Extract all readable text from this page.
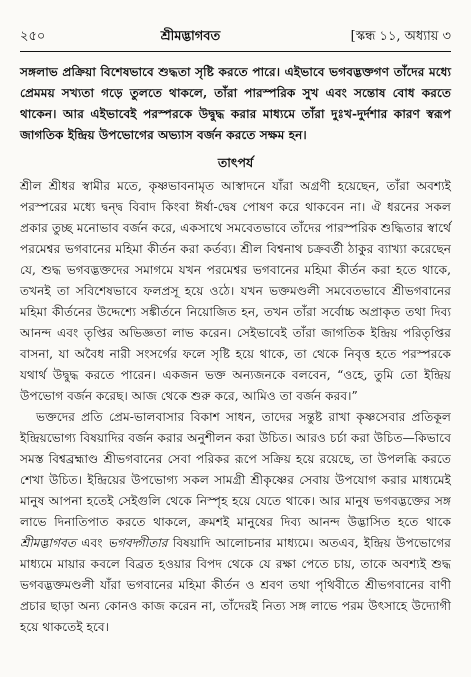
২৫০	শ্রীমদ্ভাগবত	[স্কন্ধ ১১, অধ্যায় ৩

সঙ্গলাভ প্রক্রিয়া বিশেষভাবে শুদ্ধতা সৃষ্টি করতে পারে। এইভাবে ভগবদ্ভক্তগণ তাঁদের মধ্যে প্রেমময় সখ্যতা গড়ে তুলতে থাকলে, তাঁরা পারস্পরিক সুখ এবং সন্তোষ বোধ করতে থাকেন। আর এইভাবেই পরস্পরকে উদ্বুদ্ধ করার মাধ্যমে তাঁরা দুঃখ-দুর্দশার কারণ স্বরূপ জাগতিক ইন্দ্রিয় উপভোগের অভ্যাস বর্জন করতে সক্ষম হন।

তাৎপর্য

শ্রীল শ্রীধর স্বামীর মতে, কৃষ্ণভাবনামৃত আস্বাদনে যাঁরা অগ্রণী হয়েছেন, তাঁরা অবশ্যই পরস্পরের মধ্যে দ্বন্দ্ব বিবাদ কিংবা ঈর্ষা-দ্বেষ পোষণ করে থাকবেন না। ঐ ধরনের সকল প্রকার তুচ্ছ মনোভাব বর্জন করে, একসাথে সমবেতভাবে তাঁদের পারস্পরিক শুদ্ধিতার স্বার্থে পরমেশ্বর ভগবানের মহিমা কীর্তন করা কর্তব্য। শ্রীল বিশ্বনাথ চক্রবর্তী ঠাকুর ব্যাখ্যা করেছেন যে, শুদ্ধ ভগবদ্ভক্তদের সমাগমে যখন পরমেশ্বর ভগবানের মহিমা কীর্তন করা হতে থাকে, তখনই তা সবিশেষভাবে ফলপ্রসূ হয়ে ওঠে। যখন ভক্তমণ্ডলী সমবেতভাবে শ্রীভগবানের মহিমা কীর্তনের উদ্দেশ্যে সঙ্কীর্তনে নিয়োজিত হন, তখন তাঁরা সর্বোচ্চ অপ্রাকৃত তথা দিব্য আনন্দ এবং তৃপ্তির অভিজ্ঞতা লাভ করেন। সেইভাবেই তাঁরা জাগতিক ইন্দ্রিয় পরিতৃপ্তির বাসনা, যা অবৈধ নারী সংসর্গের ফলে সৃষ্টি হয়ে থাকে, তা থেকে নিবৃত্ত হতে পরস্পরকে যথার্থ উদ্বুদ্ধ করতে পারেন। একজন ভক্ত অন্যজনকে বলবেন, “ওহে, তুমি তো ইন্দ্রিয় উপভোগ বর্জন করেছ। আজ থেকে শুরু করে, আমিও তা বর্জন করব।”

ভক্তদের প্রতি প্রেম-ভালবাসার বিকাশ সাধন, তাদের সন্তুষ্ট রাখা কৃষ্ণসেবার প্রতিকূল ইন্দ্রিয়ভোগ্য বিষয়াদির বর্জন করার অনুশীলন করা উচিত। আরও চর্চা করা উচিত—কিভাবে সমস্ত বিশ্বব্রহ্মাণ্ড শ্রীভগবানের সেবা পরিকর রূপে সক্রিয় হয়ে রয়েছে, তা উপলব্ধি করতে শেখা উচিত। ইন্দ্রিয়ের উপভোগ্য সকল সামগ্রী শ্রীকৃষ্ণের সেবায় উপযোগ করার মাধ্যমেই মানুষ আপনা হতেই সেইগুলি থেকে নিস্পৃহ হয়ে যেতে থাকে। আর মানুষ ভগবদ্ভক্তের সঙ্গ লাভে দিনাতিপাত করতে থাকলে, ক্রমশই মানুষের দিব্য আনন্দ উদ্ভাসিত হতে থাকে শ্রীমদ্ভাগবত এবং ভগবদ্গীতার বিষয়াদি আলোচনার মাধ্যমে। অতএব, ইন্দ্রিয় উপভোগের মাধ্যমে মায়ার কবলে বিব্রত হওয়ার বিপদ থেকে যে রক্ষা পেতে চায়, তাকে অবশ্যই শুদ্ধ ভগবদ্ভক্তমণ্ডলী যাঁরা ভগবানের মহিমা কীর্তন ও শ্রবণ তথা পৃথিবীতে শ্রীভগবানের বাণী প্রচার ছাড়া অন্য কোনও কাজ করেন না, তাঁদেরই নিত্য সঙ্গ লাভে পরম উৎসাহে উদ্যোগী হয়ে থাকতেই হবে।
